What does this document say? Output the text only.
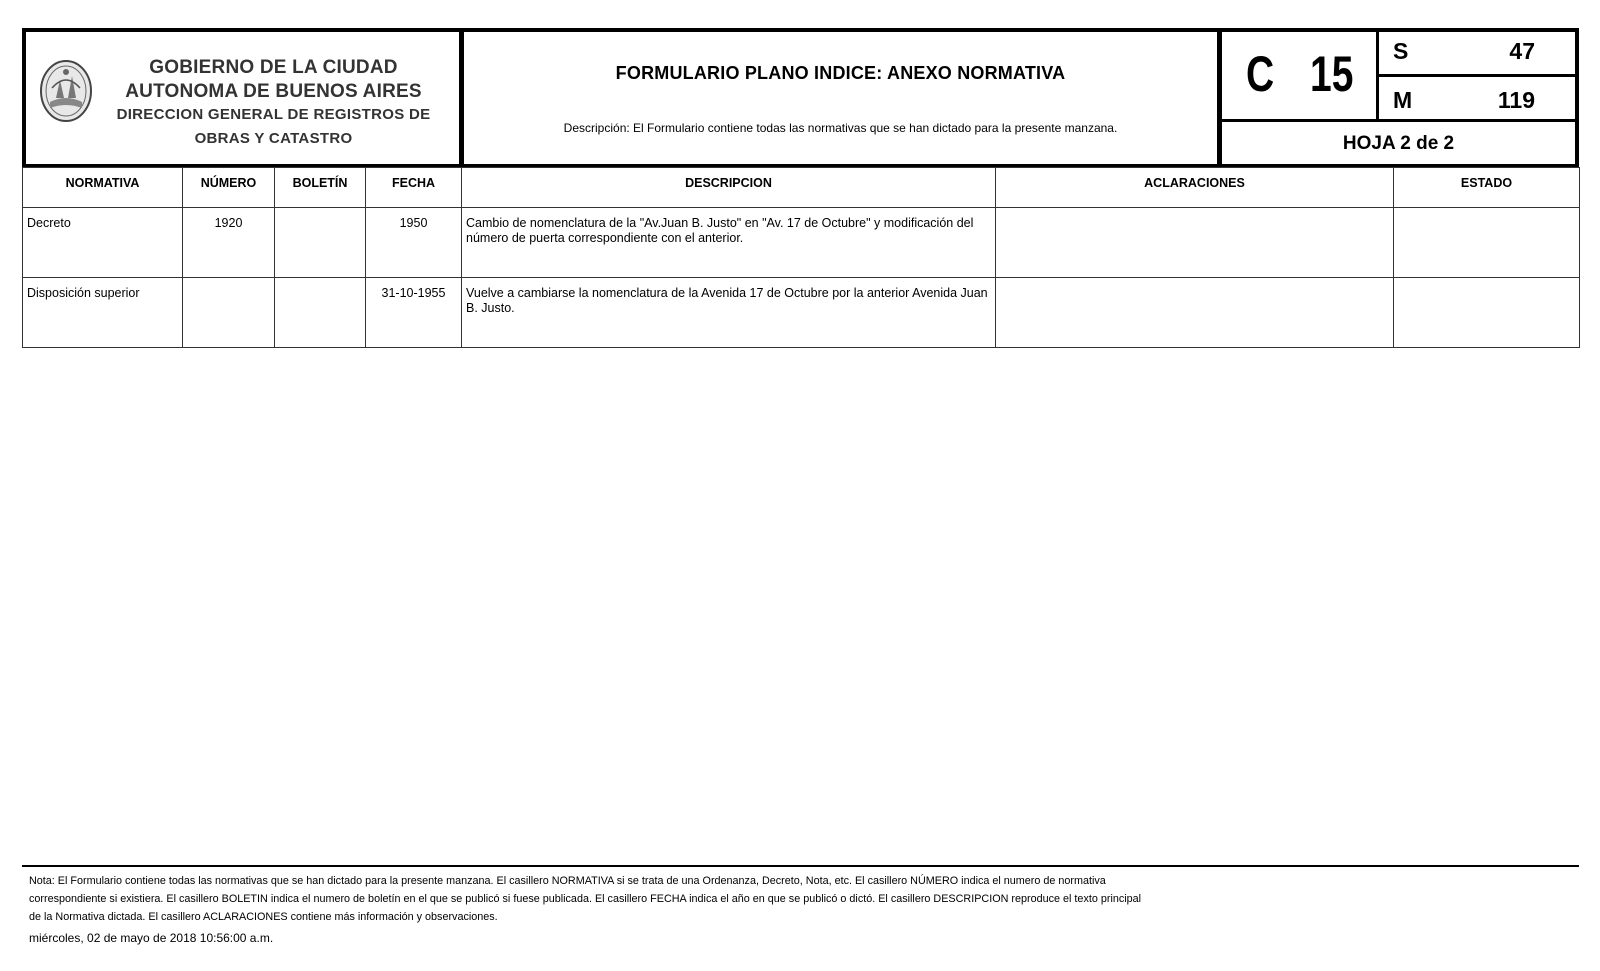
GOBIERNO DE LA CIUDAD
AUTONOMA DE BUENOS AIRES
DIRECCION GENERAL DE REGISTROS DE
OBRAS Y CATASTRO
FORMULARIO PLANO INDICE: ANEXO NORMATIVA
Descripción: El Formulario contiene todas las normativas que se han dictado para la presente manzana.
C 15 S	47
M	119
HOJA 2 de 2
NORMATIVA	NÚMERO	BOLETÍN	FECHA	DESCRIPCION	ACLARACIONES	ESTADO
Decreto	1920		1950	Cambio de nomenclatura de la "Av.Juan B. Justo" en "Av. 17 de Octubre" y modificación del número de puerta correspondiente con el anterior.		
Disposición superior			31-10-1955	Vuelve a cambiarse la nomenclatura de la Avenida 17 de Octubre por la anterior Avenida Juan B. Justo.		
Nota: El Formulario contiene todas las normativas que se han dictado para la presente manzana. El casillero NORMATIVA si se trata de una Ordenanza, Decreto, Nota, etc. El casillero NÚMERO indica el numero de normativa
correspondiente si existiera. El casillero BOLETIN indica el numero de boletín en el que se publicó si fuese publicada. El casillero FECHA indica el año en que se publicó o dictó. El casillero DESCRIPCION reproduce el texto principal
de la Normativa dictada. El casillero ACLARACIONES contiene más información y observaciones.
miércoles, 02 de mayo de 2018 10:56:00 a.m.
